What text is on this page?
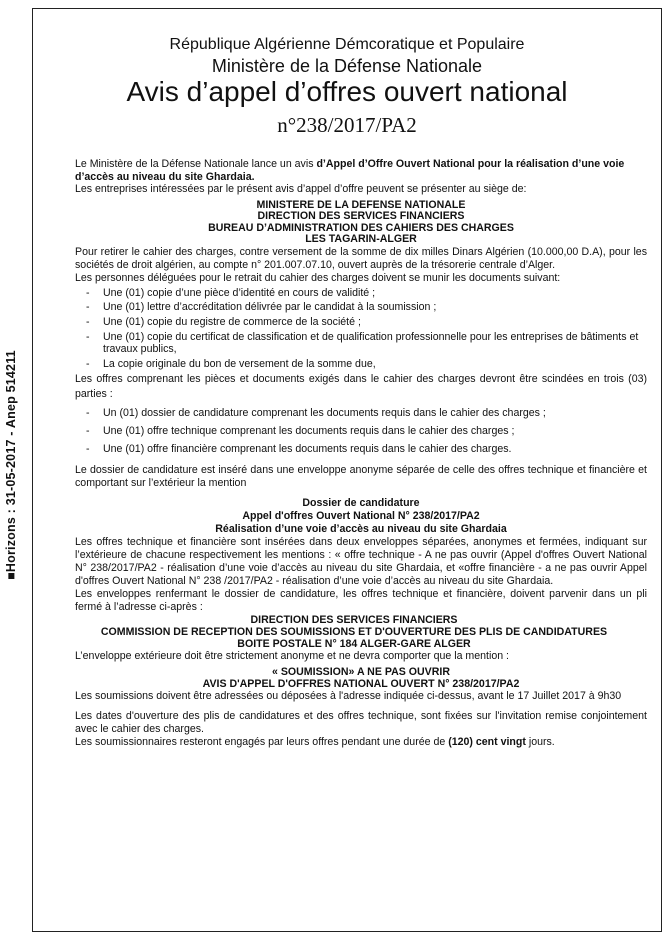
■Horizons : 31-05-2017 - Anep 514211
République Algérienne Démcoratique et Populaire
Ministère de la Défense Nationale
Avis d’appel d’offres ouvert national
n°238/2017/PA2

Le Ministère de la Défense Nationale lance un avis d’Appel d’Offre Ouvert National pour la réalisation d’une voie d’accès au niveau du site Ghardaia.

Les entreprises intéressées par le présent avis d’appel d’offre peuvent se présenter au siège de:

MINISTERE DE LA DEFENSE NATIONALE
DIRECTION DES SERVICES FINANCIERS
BUREAU D’ADMINISTRATION DES CAHIERS DES CHARGES
LES TAGARIN-ALGER

Pour retirer le cahier des charges, contre versement de la somme de dix milles Dinars Algérien (10.000,00 D.A), pour les sociétés de droit algérien, au compte n° 201.007.07.10, ouvert auprès de la trésorerie centrale d’Alger.

Les personnes déléguées pour le retrait du cahier des charges doivent se munir les documents suivant:

- Une (01) copie d’une pièce d’identité en cours de validité ;
- Une (01) lettre d’accréditation délivrée par le candidat à la soumission ;
- Une (01) copie du registre de commerce de la société ;
- Une (01) copie du certificat de classification et de qualification professionnelle pour les entreprises de bâtiments et travaux publics,
- La copie originale du bon de versement de la somme due,

Les offres comprenant les pièces et documents exigés dans le cahier des charges devront être scindées en trois (03) parties :

- Un (01) dossier de candidature comprenant les documents requis dans le cahier des charges ;
- Une (01) offre technique comprenant les documents requis dans le cahier des charges ;
- Une (01) offre financière comprenant les documents requis dans le cahier des charges.

Le dossier de candidature est inséré dans une enveloppe anonyme séparée de celle des offres technique et financière et comportant sur l’extérieur la mention

Dossier de candidature
Appel d'offres Ouvert National N° 238/2017/PA2
Réalisation d’une voie d’accès au niveau du site Ghardaia

Les offres technique et financière sont insérées dans deux enveloppes séparées, anonymes et fermées, indiquant sur l’extérieure de chacune respectivement les mentions : « offre technique - A ne pas ouvrir (Appel d'offres Ouvert National N° 238/2017/PA2 - réalisation d’une voie d’accès au niveau du site Ghardaia, et «offre financière - a ne pas ouvrir Appel d'offres Ouvert National N° 238 /2017/PA2 - réalisation d’une voie d’accès au niveau du site Ghardaia.

Les enveloppes renfermant le dossier de candidature, les offres technique et financière, doivent parvenir dans un pli fermé à l’adresse ci-après :

DIRECTION DES SERVICES FINANCIERS
COMMISSION DE RECEPTION DES SOUMISSIONS ET D'OUVERTURE DES PLIS DE CANDIDATURES
BOITE POSTALE N° 184 ALGER-GARE ALGER

L’enveloppe extérieure doit être strictement anonyme et ne devra comporter que la mention :

« SOUMISSION» A NE PAS OUVRIR
AVIS D'APPEL D'OFFRES NATIONAL OUVERT N° 238/2017/PA2

Les soumissions doivent être adressées ou déposées à l'adresse indiquée ci-dessus, avant le 17 Juillet 2017 à 9h30

Les dates d'ouverture des plis de candidatures et des offres technique, sont fixées sur l'invitation remise conjointement avec le cahier des charges.

Les soumissionnaires resteront engagés par leurs offres pendant une durée de (120) cent vingt jours.
